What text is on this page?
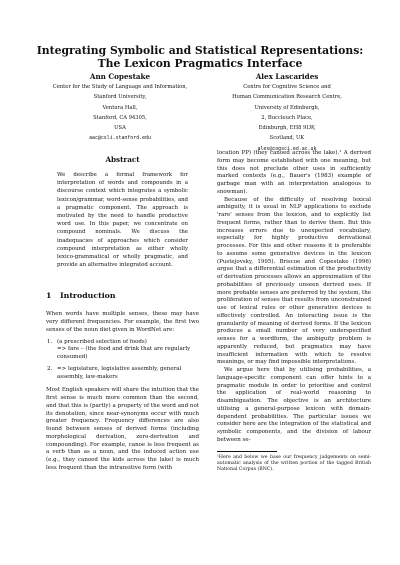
Integrating Symbolic and Statistical Representations:
The Lexicon Pragmatics Interface
Ann Copestake
Center for the Study of Language and Information,
Stanford University,
Ventura Hall,
Stanford, CA 94305,
USA
aac@csli.stanford.edu
Alex Lascarides
Centre for Cognitive Science and
Human Communication Research Centre,
University of Edinburgh,
2, Buccleuch Place,
Edinburgh, EH8 9LW,
Scotland, UK
alex@cogsci.ed.ac.uk
Abstract

We describe a formal framework for interpretation of words and compounds in a discourse context which integrates a symbolic lexicon/grammar, word-sense probabilities, and a pragmatic component. The approach is motivated by the need to handle productive word use. In this paper, we concentrate on compound nominals. We discuss the inadequacies of approaches which consider compound interpretation as either wholly lexico-grammatical or wholly pragmatic, and provide an alternative integrated account.

1 Introduction

When words have multiple senses, these may have very different frequencies. For example, the first two senses of the noun diet given in WordNet are:

1. (a prescribed selection of foods)
=> fare – (the food and drink that are regularly consumed)
2. => legislature, legislative assembly, general assembly, law-makers

Most English speakers will share the intuition that the first sense is much more common than the second, and that this is (partly) a property of the word and not its denotation, since near-synonyms occur with much greater frequency. Frequency differences are also found between senses of derived forms (including morphological derivation, zero-derivation and compounding). For example, canoe is less frequent as a verb than as a noun, and the induced action use (e.g., they canoed the kids across the lake) is much less frequent than the intransitive form (with

location PP) (they canoed across the lake).¹ A derived form may become established with one meaning, but this does not preclude other uses in sufficiently marked contexts (e.g., Bauer's (1983) example of garbage man with an interpretation analogous to snowman).

Because of the difficulty of resolving lexical ambiguity, it is usual in NLP applications to exclude 'rare' senses from the lexicon, and to explicitly list frequent forms, rather than to derive them. But this increases errors due to unexpected vocabulary, especially for highly productive derivational processes. For this and other reasons it is preferable to assume some generative devices in the lexicon (Pustejovsky, 1995). Briscoe and Copestake (1996) argue that a differential estimation of the productivity of derivation processes allows an approximation of the probabilities of previously unseen derived uses. If more probable senses are preferred by the system, the proliferation of senses that results from unconstrained use of lexical rules or other generative devices is effectively controlled. An interacting issue is the granularity of meaning of derived forms. If the lexicon produces a small number of very underspecified senses for a wordform, the ambiguity problem is apparently reduced, but pragmatics may have insufficient information with which to resolve meanings, or may find impossible interpretations.

We argue here that by utilising probabilities, a language-specific component can offer hints to a pragmatic module in order to prioritise and control the application of real-world reasoning to disambiguation. The objective is an architecture utilising a general-purpose lexicon with domain-dependent probabilities. The particular issues we consider here are the integration of the statistical and symbolic components, and the division of labour between se-

¹Here and below we base our frequency judgements on semi-automatic analysis of the written portion of the tagged British National Corpus (BNC).
